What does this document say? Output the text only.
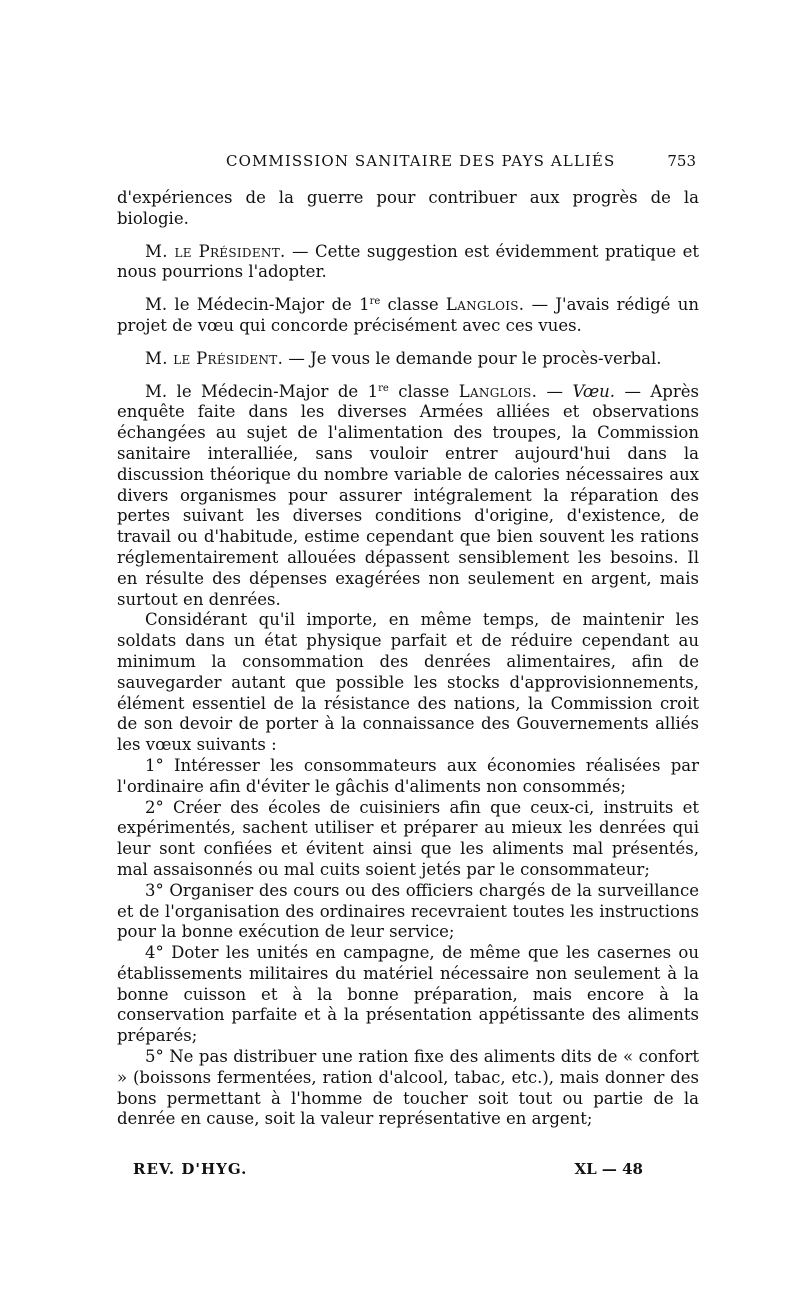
COMMISSION SANITAIRE DES PAYS ALLIÉS	753

d'expériences de la guerre pour contribuer aux progrès de la biologie.

M. le Président. — Cette suggestion est évidemment pratique et nous pourrions l'adopter.

M. le Médecin-Major de 1re classe Langlois. — J'avais rédigé un projet de vœu qui concorde précisément avec ces vues.

M. le Président. — Je vous le demande pour le procès-verbal.

M. le Médecin-Major de 1re classe Langlois. — Vœu. — Après enquête faite dans les diverses Armées alliées et observations échangées au sujet de l'alimentation des troupes, la Commission sanitaire interalliée, sans vouloir entrer aujourd'hui dans la discussion théorique du nombre variable de calories nécessaires aux divers organismes pour assurer intégralement la réparation des pertes suivant les diverses conditions d'origine, d'existence, de travail ou d'habitude, estime cependant que bien souvent les rations réglementairement allouées dépassent sensiblement les besoins. Il en résulte des dépenses exagérées non seulement en argent, mais surtout en denrées.

Considérant qu'il importe, en même temps, de maintenir les soldats dans un état physique parfait et de réduire cependant au minimum la consommation des denrées alimentaires, afin de sauvegarder autant que possible les stocks d'approvisionnements, élément essentiel de la résistance des nations, la Commission croit de son devoir de porter à la connaissance des Gouvernements alliés les vœux suivants :

1° Intéresser les consommateurs aux économies réalisées par l'ordinaire afin d'éviter le gâchis d'aliments non consommés;

2° Créer des écoles de cuisiniers afin que ceux-ci, instruits et expérimentés, sachent utiliser et préparer au mieux les denrées qui leur sont confiées et évitent ainsi que les aliments mal présentés, mal assaisonnés ou mal cuits soient jetés par le consommateur;

3° Organiser des cours ou des officiers chargés de la surveillance et de l'organisation des ordinaires recevraient toutes les instructions pour la bonne exécution de leur service;

4° Doter les unités en campagne, de même que les casernes ou établissements militaires du matériel nécessaire non seulement à la bonne cuisson et à la bonne préparation, mais encore à la conservation parfaite et à la présentation appétissante des aliments préparés;

5° Ne pas distribuer une ration fixe des aliments dits de « confort » (boissons fermentées, ration d'alcool, tabac, etc.), mais donner des bons permettant à l'homme de toucher soit tout ou partie de la denrée en cause, soit la valeur représentative en argent;

REV. D'HYG.	XL — 48
